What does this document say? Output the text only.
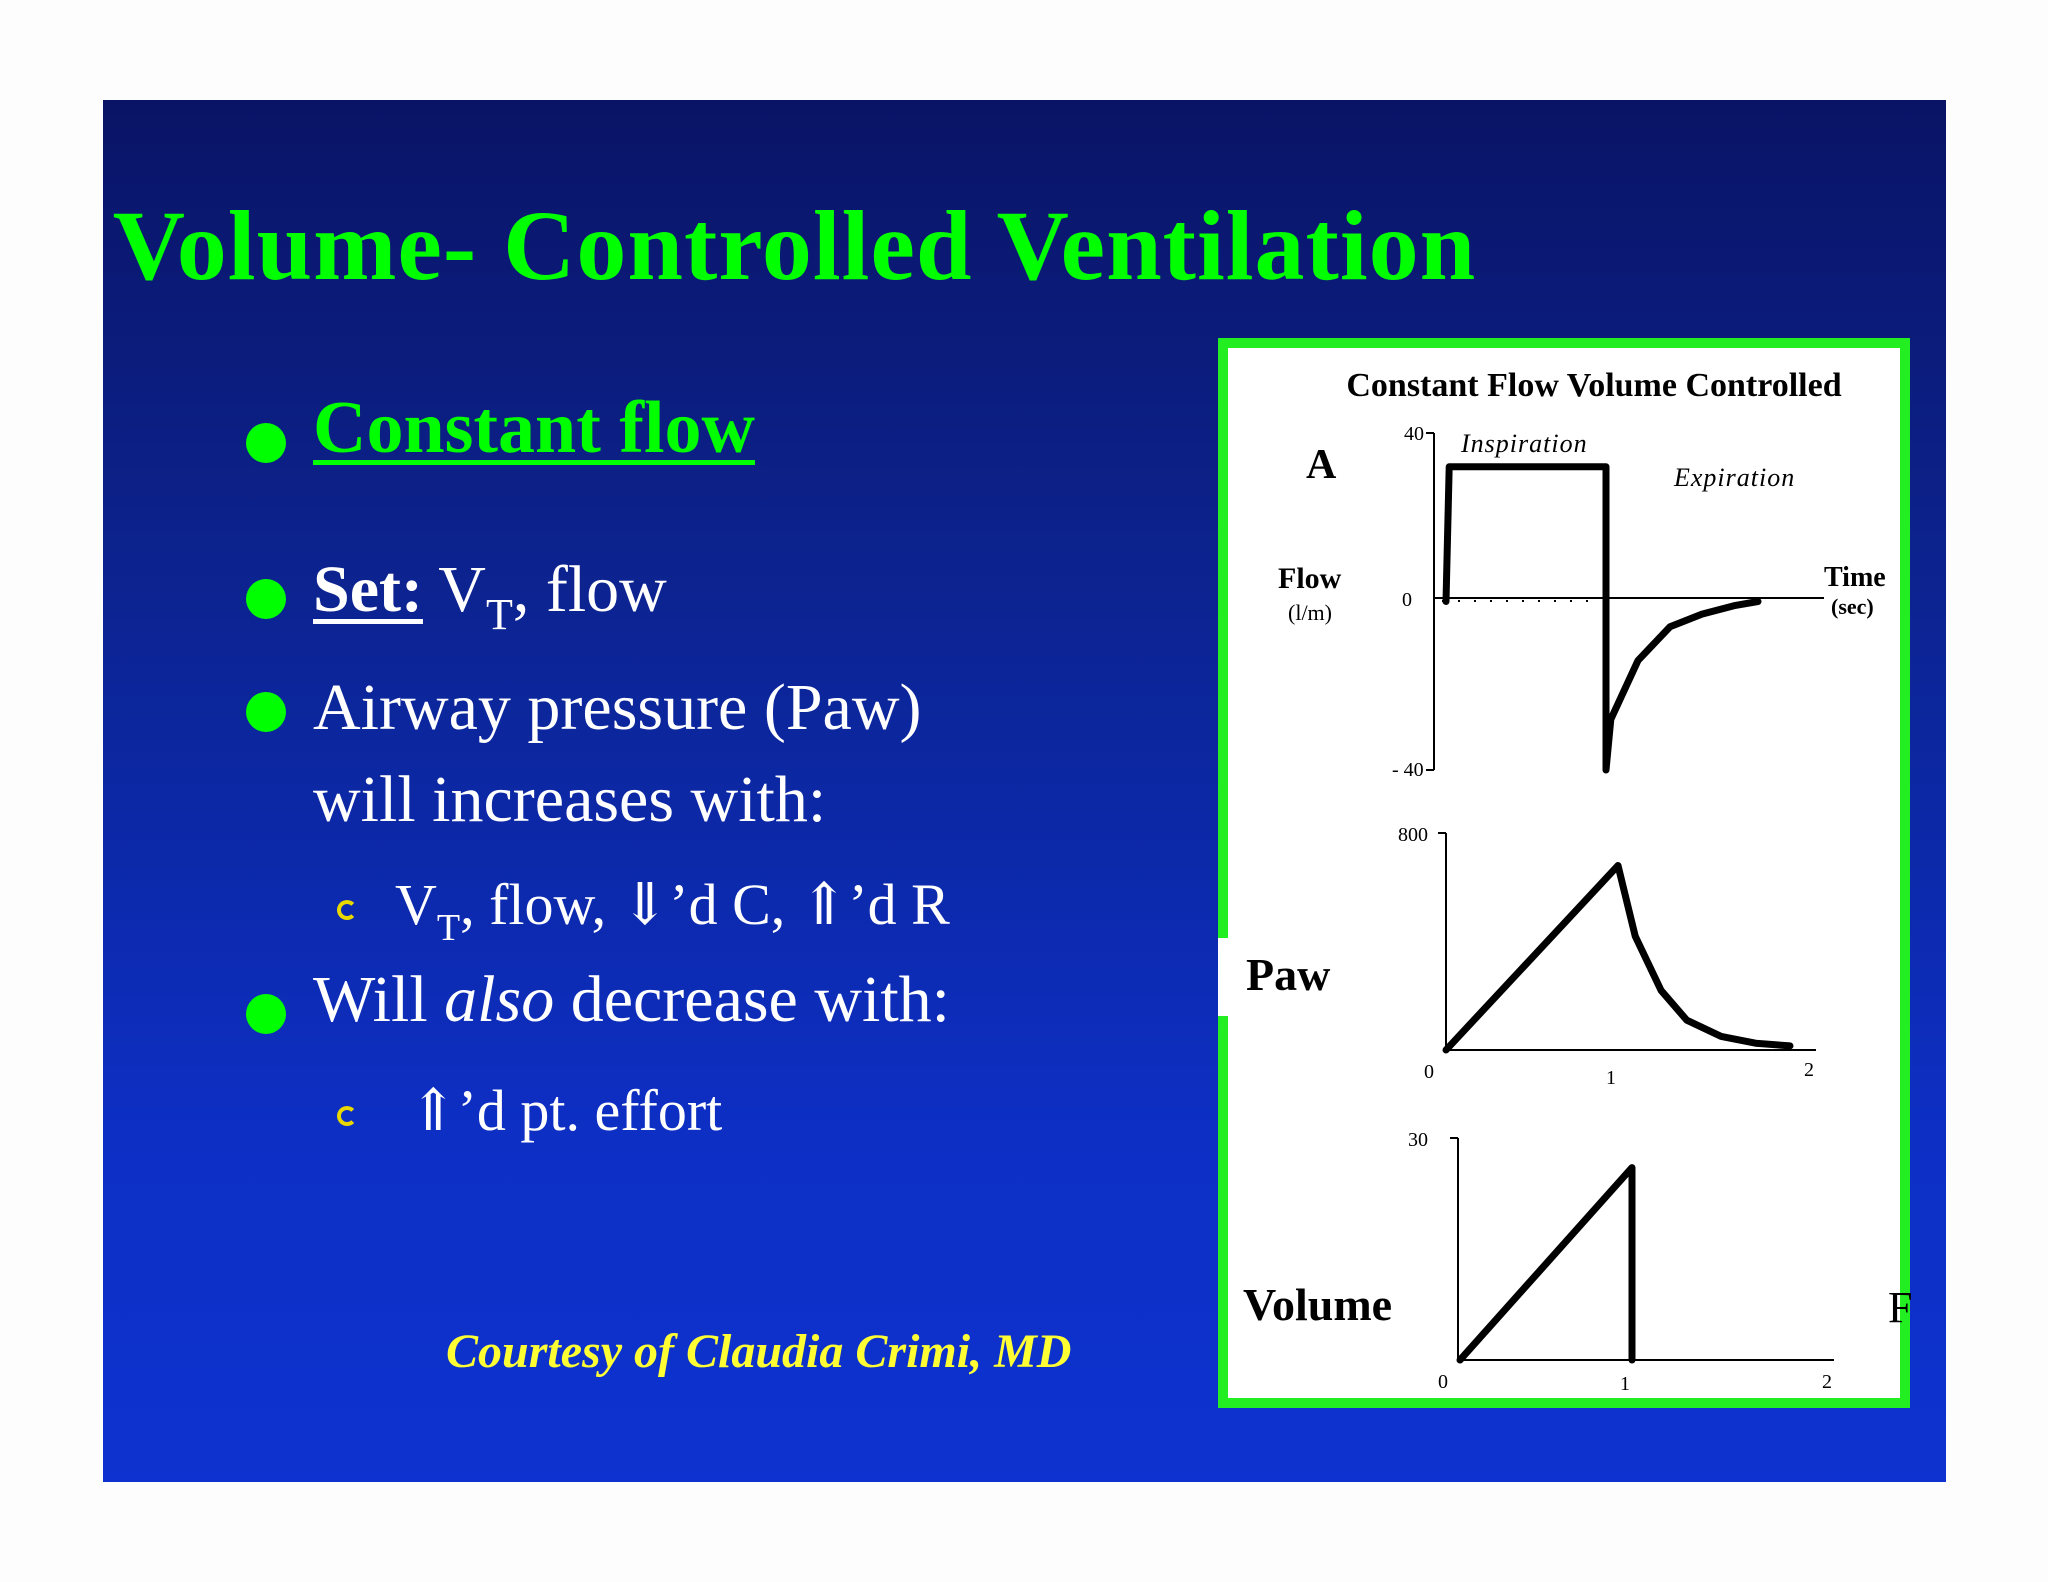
Volume- Controlled Ventilation
Constant flow
Set: $V_T$, flow
Airway pressure (Paw)
will increases with:
$V_T$, flow, ⇓’d C, ⇑’d R
Will also decrease with:
⇑’d pt. effort
Courtesy of Claudia Crimi, MD
Constant Flow Volume Controlled
A
Flow
(l/m)
Time
(sec)
Inspiration
Expiration
Paw
Volume	F
40
0
- 40
800
0	1	2
30
0	1	2
